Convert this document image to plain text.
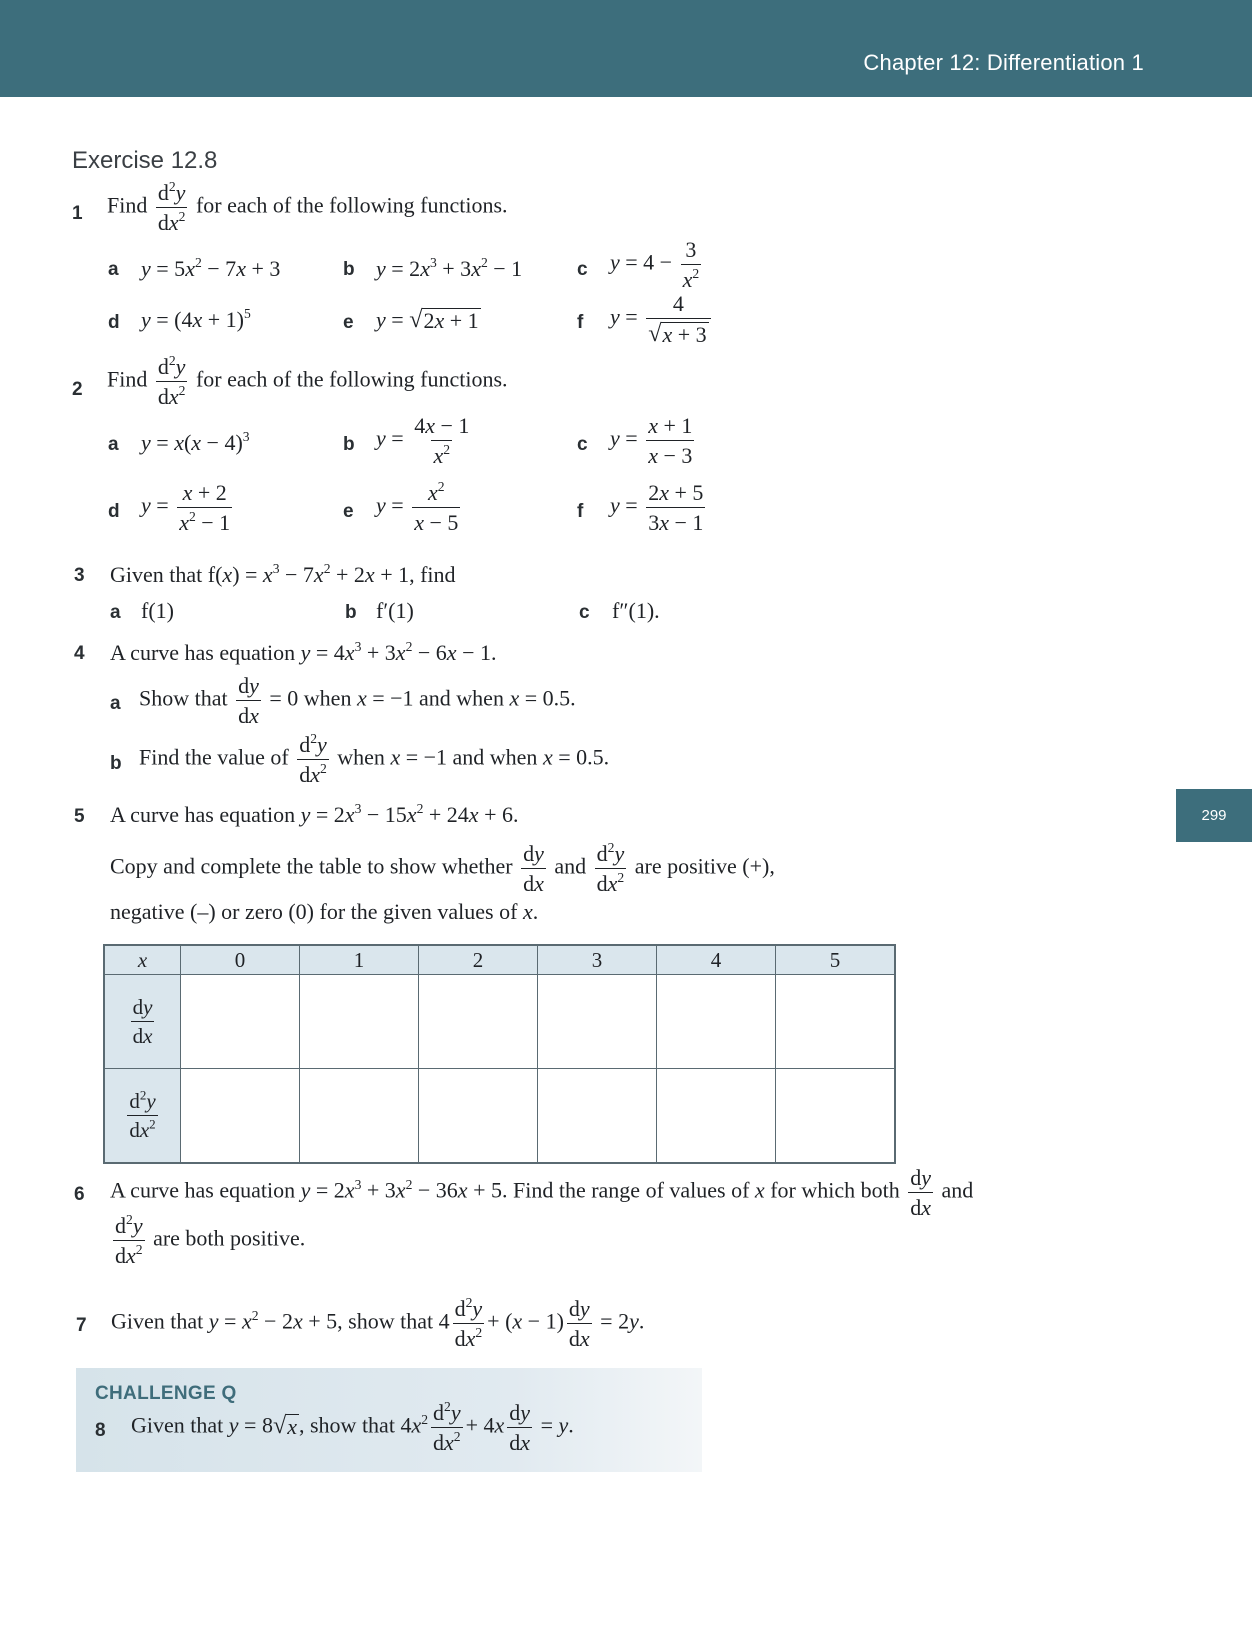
Chapter 12: Differentiation 1
299
Exercise 12.8
1 Find $\frac{d^2y}{dx^2}$ for each of the following functions.
a $y = 5x^2 - 7x + 3$	b $y = 2x^3 + 3x^2 - 1$	c $y = 4 - \frac{3}{x^2}$
d $y = (4x + 1)^5$	e y = √ 2x + 1	f $y = \frac{4}{√ x + 3}$
2 Find $\frac{d^2y}{dx^2}$ for each of the following functions.
a $y = x(x - 4)^3$	b $y = \frac{4x - 1}{x^2}$	c $y = \frac{x + 1}{x - 3}$
d $y = \frac{x + 2}{x^2 - 1}$	e $y = \frac{x^2}{x - 5}$	f $y = \frac{2x + 5}{3x - 1}$
3 Given that $f(x) = x^3 - 7x^2 + 2x + 1$, find
a f(1)	b f′(1)	c f″(1).
4 A curve has equation $y = 4x^3 + 3x^2 - 6x - 1$.
a Show that $\frac{dy}{dx} = 0$ when x = −1 and when x = 0.5.
b Find the value of $\frac{d^2y}{dx^2}$ when x = −1 and when x = 0.5.
5 A curve has equation $y = 2x^3 - 15x^2 + 24x + 6$.
Copy and complete the table to show whether $\frac{dy}{dx}$ and $\frac{d^2y}{dx^2}$ are positive (+),
negative (–) or zero (0) for the given values of x.
x	0	1	2	3	4	5

$\frac{dy}{dx}$

$\frac{d^2y}{dx^2}$

6 A curve has equation $y = 2x^3 + 3x^2 - 36x + 5$. Find the range of values of x for which both $\frac{dy}{dx}$ and
$\frac{d^2y}{dx^2}$ are both positive.
7 Given that $y = x^2 - 2x + 5$, show that $4 \frac{d^2y}{dx^2} + (x - 1) \frac{dy}{dx} = 2y$.
CHALLENGE Q
8 Given that y = 8 √ x , show that $4x^2 \frac{d^2y}{dx^2} + 4x \frac{dy}{dx} = y$.
